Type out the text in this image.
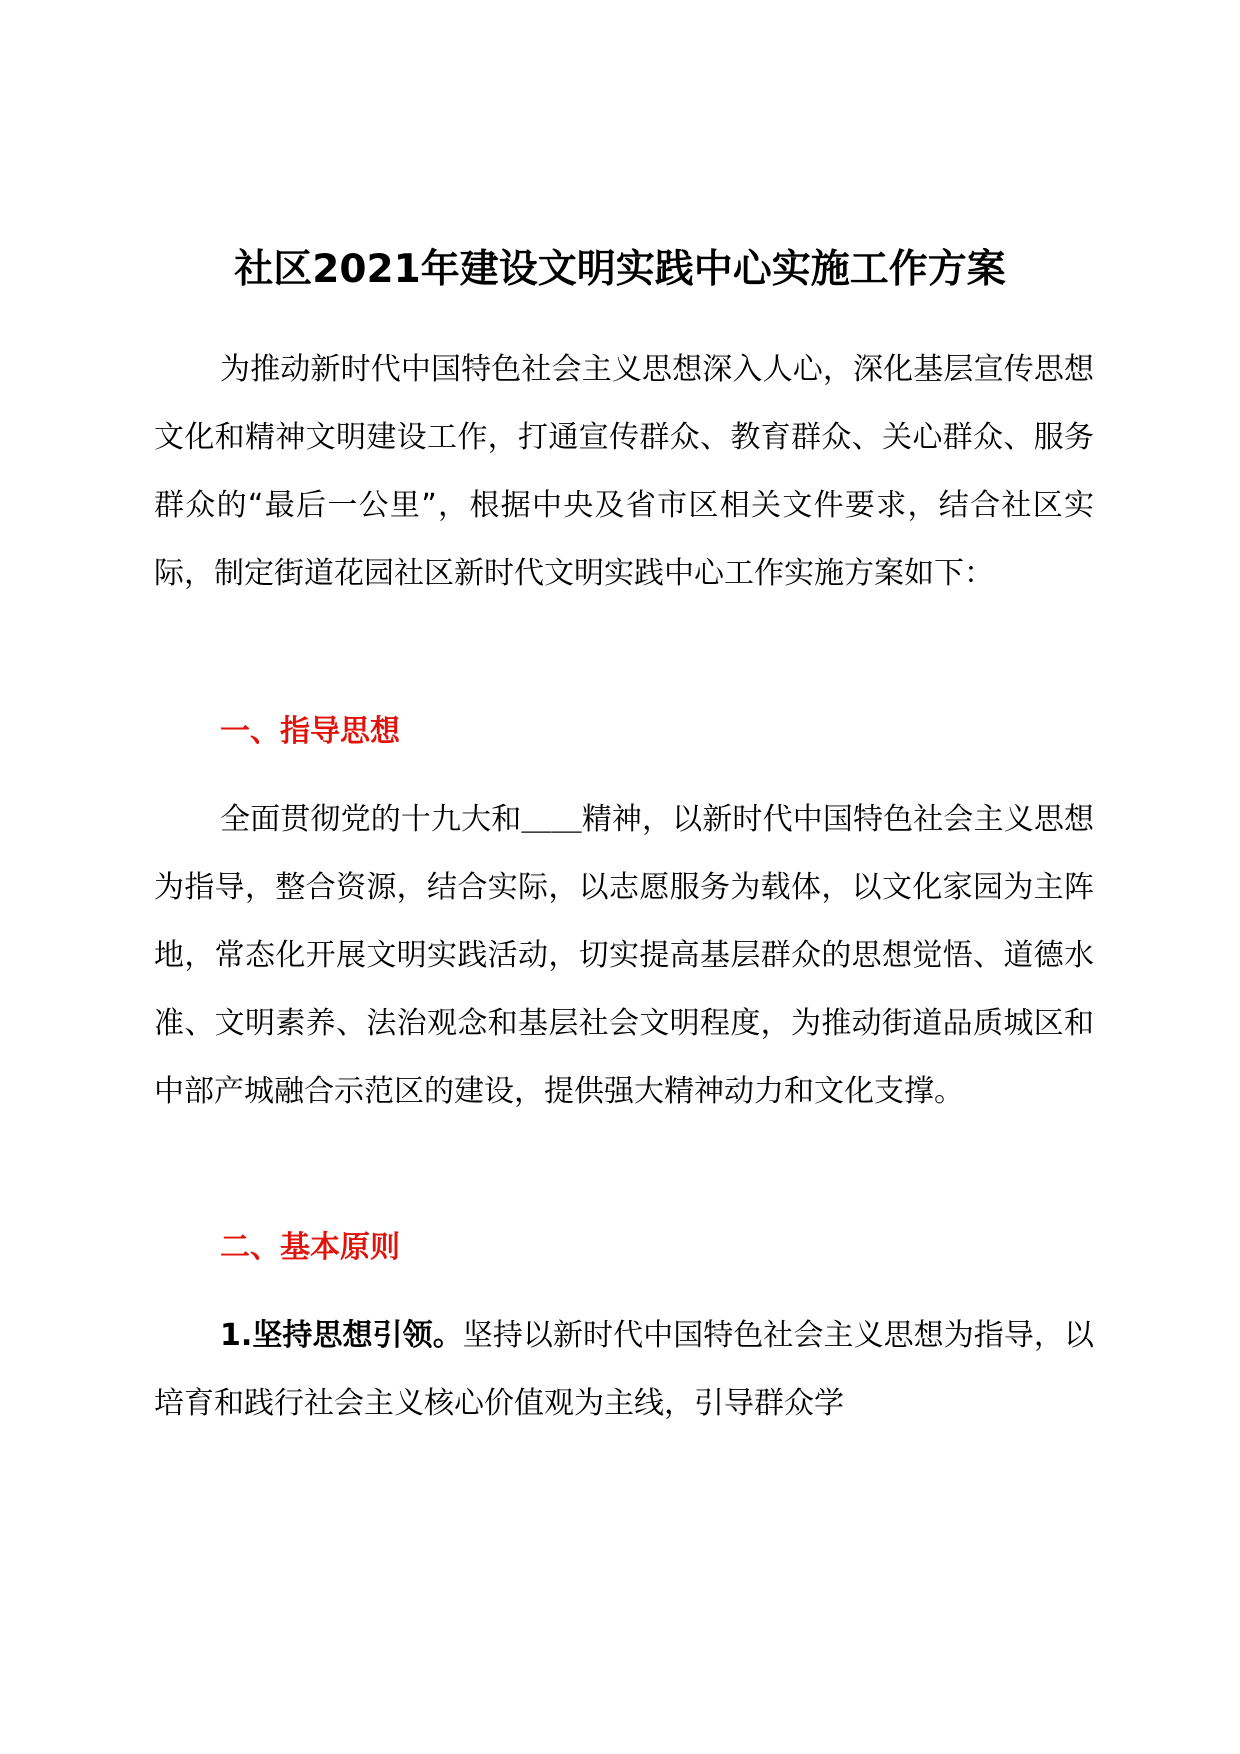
社区2021年建设文明实践中心实施工作方案

为推动新时代中国特色社会主义思想深入人心，深化基层宣传思想文化和精神文明建设工作，打通宣传群众、教育群众、关心群众、服务群众的“最后一公里”，根据中央及省市区相关文件要求，结合社区实际，制定街道花园社区新时代文明实践中心工作实施方案如下：

一、指导思想

全面贯彻党的十九大和＿＿精神，以新时代中国特色社会主义思想为指导，整合资源，结合实际，以志愿服务为载体，以文化家园为主阵地，常态化开展文明实践活动，切实提高基层群众的思想觉悟、道德水准、文明素养、法治观念和基层社会文明程度，为推动街道品质城区和中部产城融合示范区的建设，提供强大精神动力和文化支撑。

二、基本原则

1.坚持思想引领。坚持以新时代中国特色社会主义思想为指导，以培育和践行社会主义核心价值观为主线，引导群众学
